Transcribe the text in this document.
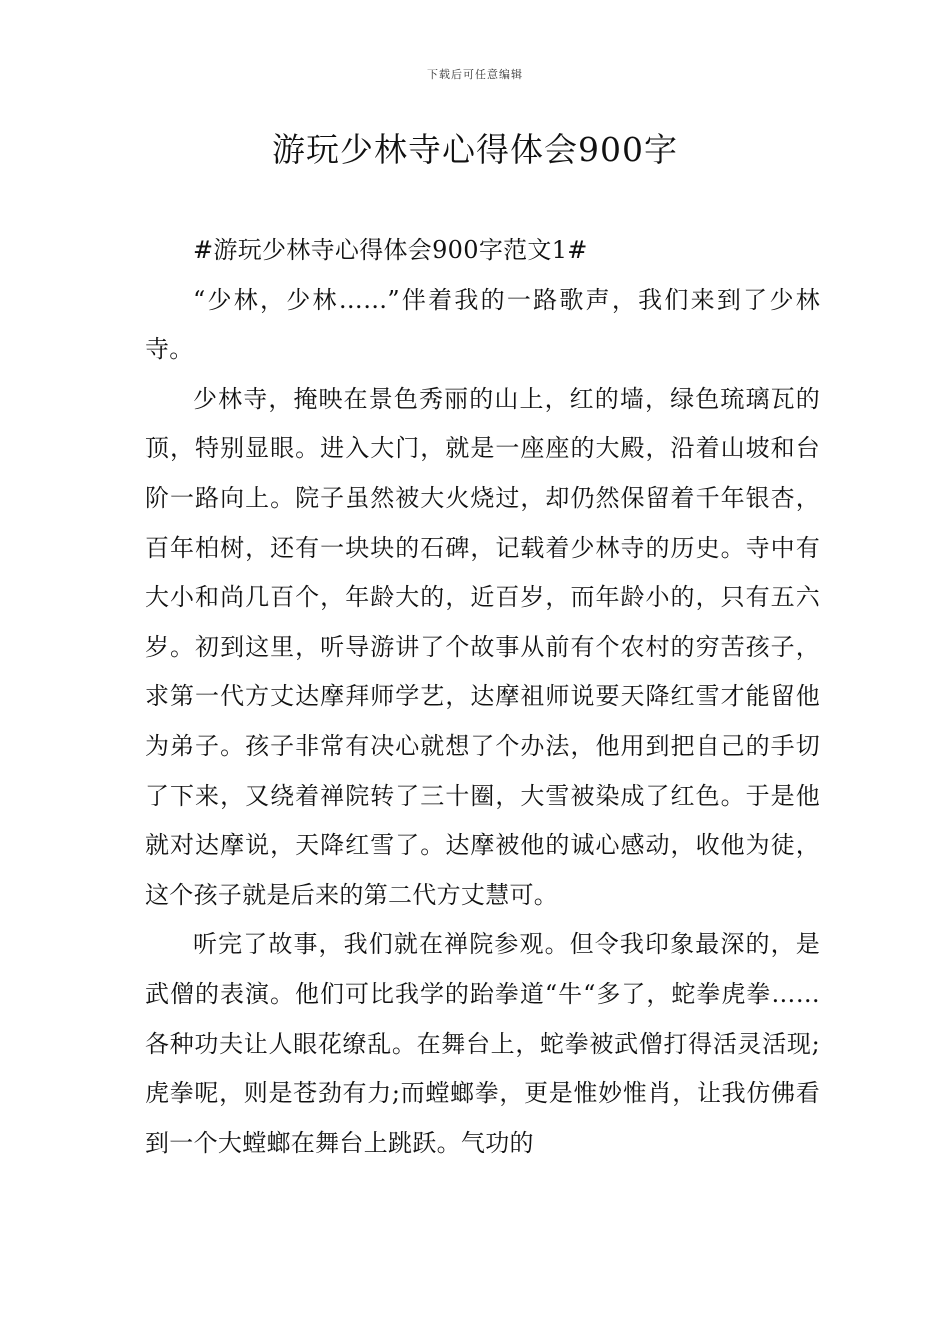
下载后可任意编辑
游玩少林寺心得体会900字

#游玩少林寺心得体会900字范文1#

“少林，少林……”伴着我的一路歌声，我们来到了少林寺。

少林寺，掩映在景色秀丽的山上，红的墙，绿色琉璃瓦的顶，特别显眼。进入大门，就是一座座的大殿，沿着山坡和台阶一路向上。院子虽然被大火烧过，却仍然保留着千年银杏，百年柏树，还有一块块的石碑，记载着少林寺的历史。寺中有大小和尚几百个，年龄大的，近百岁，而年龄小的，只有五六岁。初到这里，听导游讲了个故事从前有个农村的穷苦孩子，求第一代方丈达摩拜师学艺，达摩祖师说要天降红雪才能留他为弟子。孩子非常有决心就想了个办法，他用到把自己的手切了下来，又绕着禅院转了三十圈，大雪被染成了红色。于是他就对达摩说，天降红雪了。达摩被他的诚心感动，收他为徒，这个孩子就是后来的第二代方丈慧可。

听完了故事，我们就在禅院参观。但令我印象最深的，是武僧的表演。他们可比我学的跆拳道“牛“多了，蛇拳虎拳……各种功夫让人眼花缭乱。在舞台上，蛇拳被武僧打得活灵活现;虎拳呢，则是苍劲有力;而螳螂拳，更是惟妙惟肖，让我仿佛看到一个大螳螂在舞台上跳跃。气功的
